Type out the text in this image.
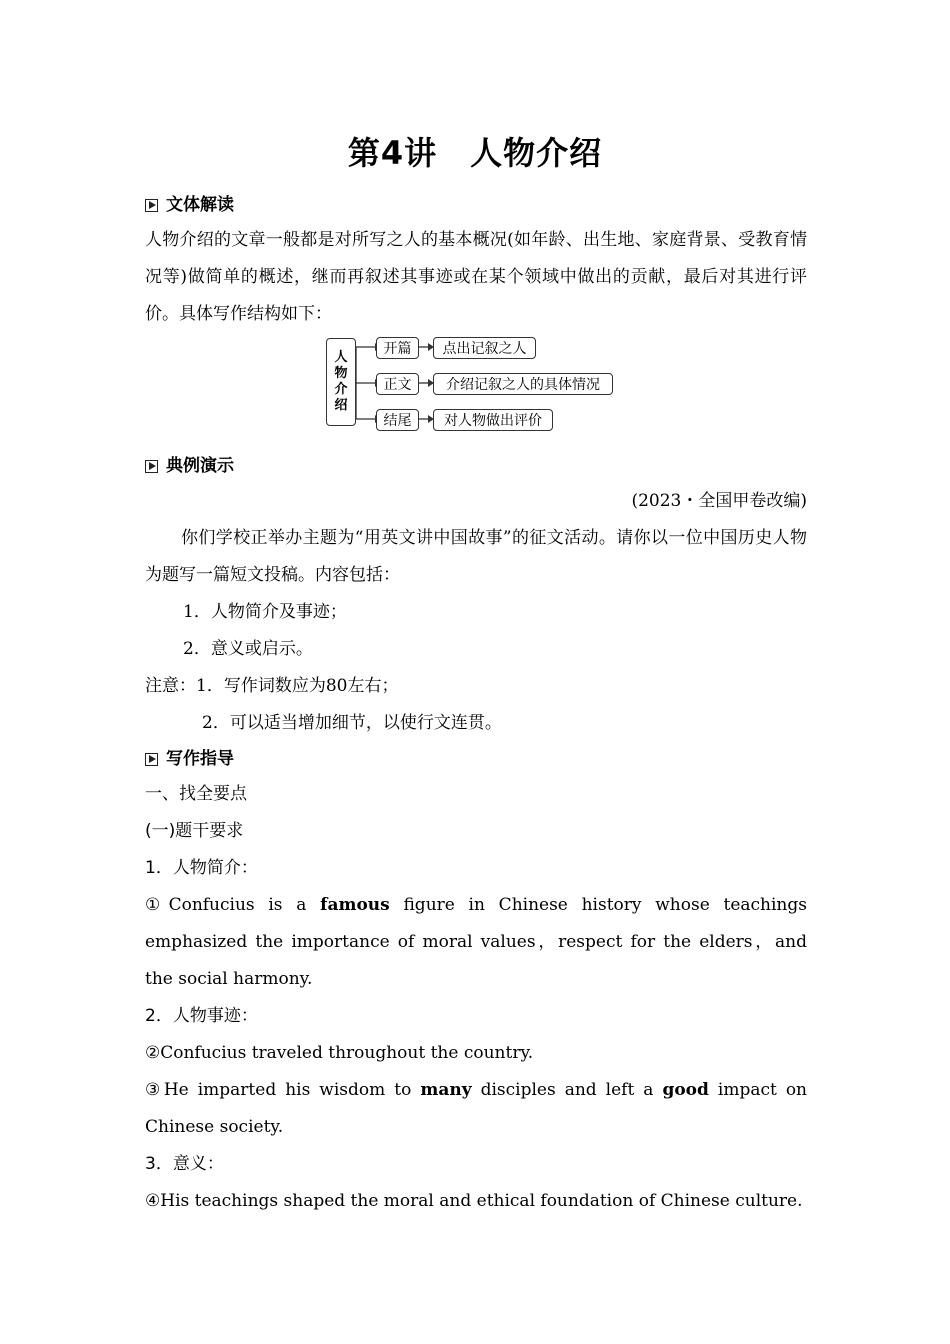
第4讲　人物介绍
文体解读
人物介绍的文章一般都是对所写之人的基本概况(如年龄、出生地、家庭背景、受教育情况等)做简单的概述，继而再叙述其事迹或在某个领域中做出的贡献，最后对其进行评价。具体写作结构如下：
人
物
介
绍
开篇	点出记叙之人
正文	介绍记叙之人的具体情况
结尾	对人物做出评价
典例演示
(2023・全国甲卷改编)
你们学校正举办主题为“用英文讲中国故事”的征文活动。请你以一位中国历史人物为题写一篇短文投稿。内容包括：
1．人物简介及事迹；
2．意义或启示。
注意：1．写作词数应为80左右；
2．可以适当增加细节，以使行文连贯。
写作指导
一、找全要点
(一)题干要求
1．人物简介：
①Confucius is a famous figure in Chinese history whose teachings emphasized the importance of moral values，respect for the elders，and the social harmony.
2．人物事迹：
②Confucius traveled throughout the country.
③He imparted his wisdom to many disciples and left a good impact on Chinese society.
3．意义：
④His teachings shaped the moral and ethical foundation of Chinese culture.
